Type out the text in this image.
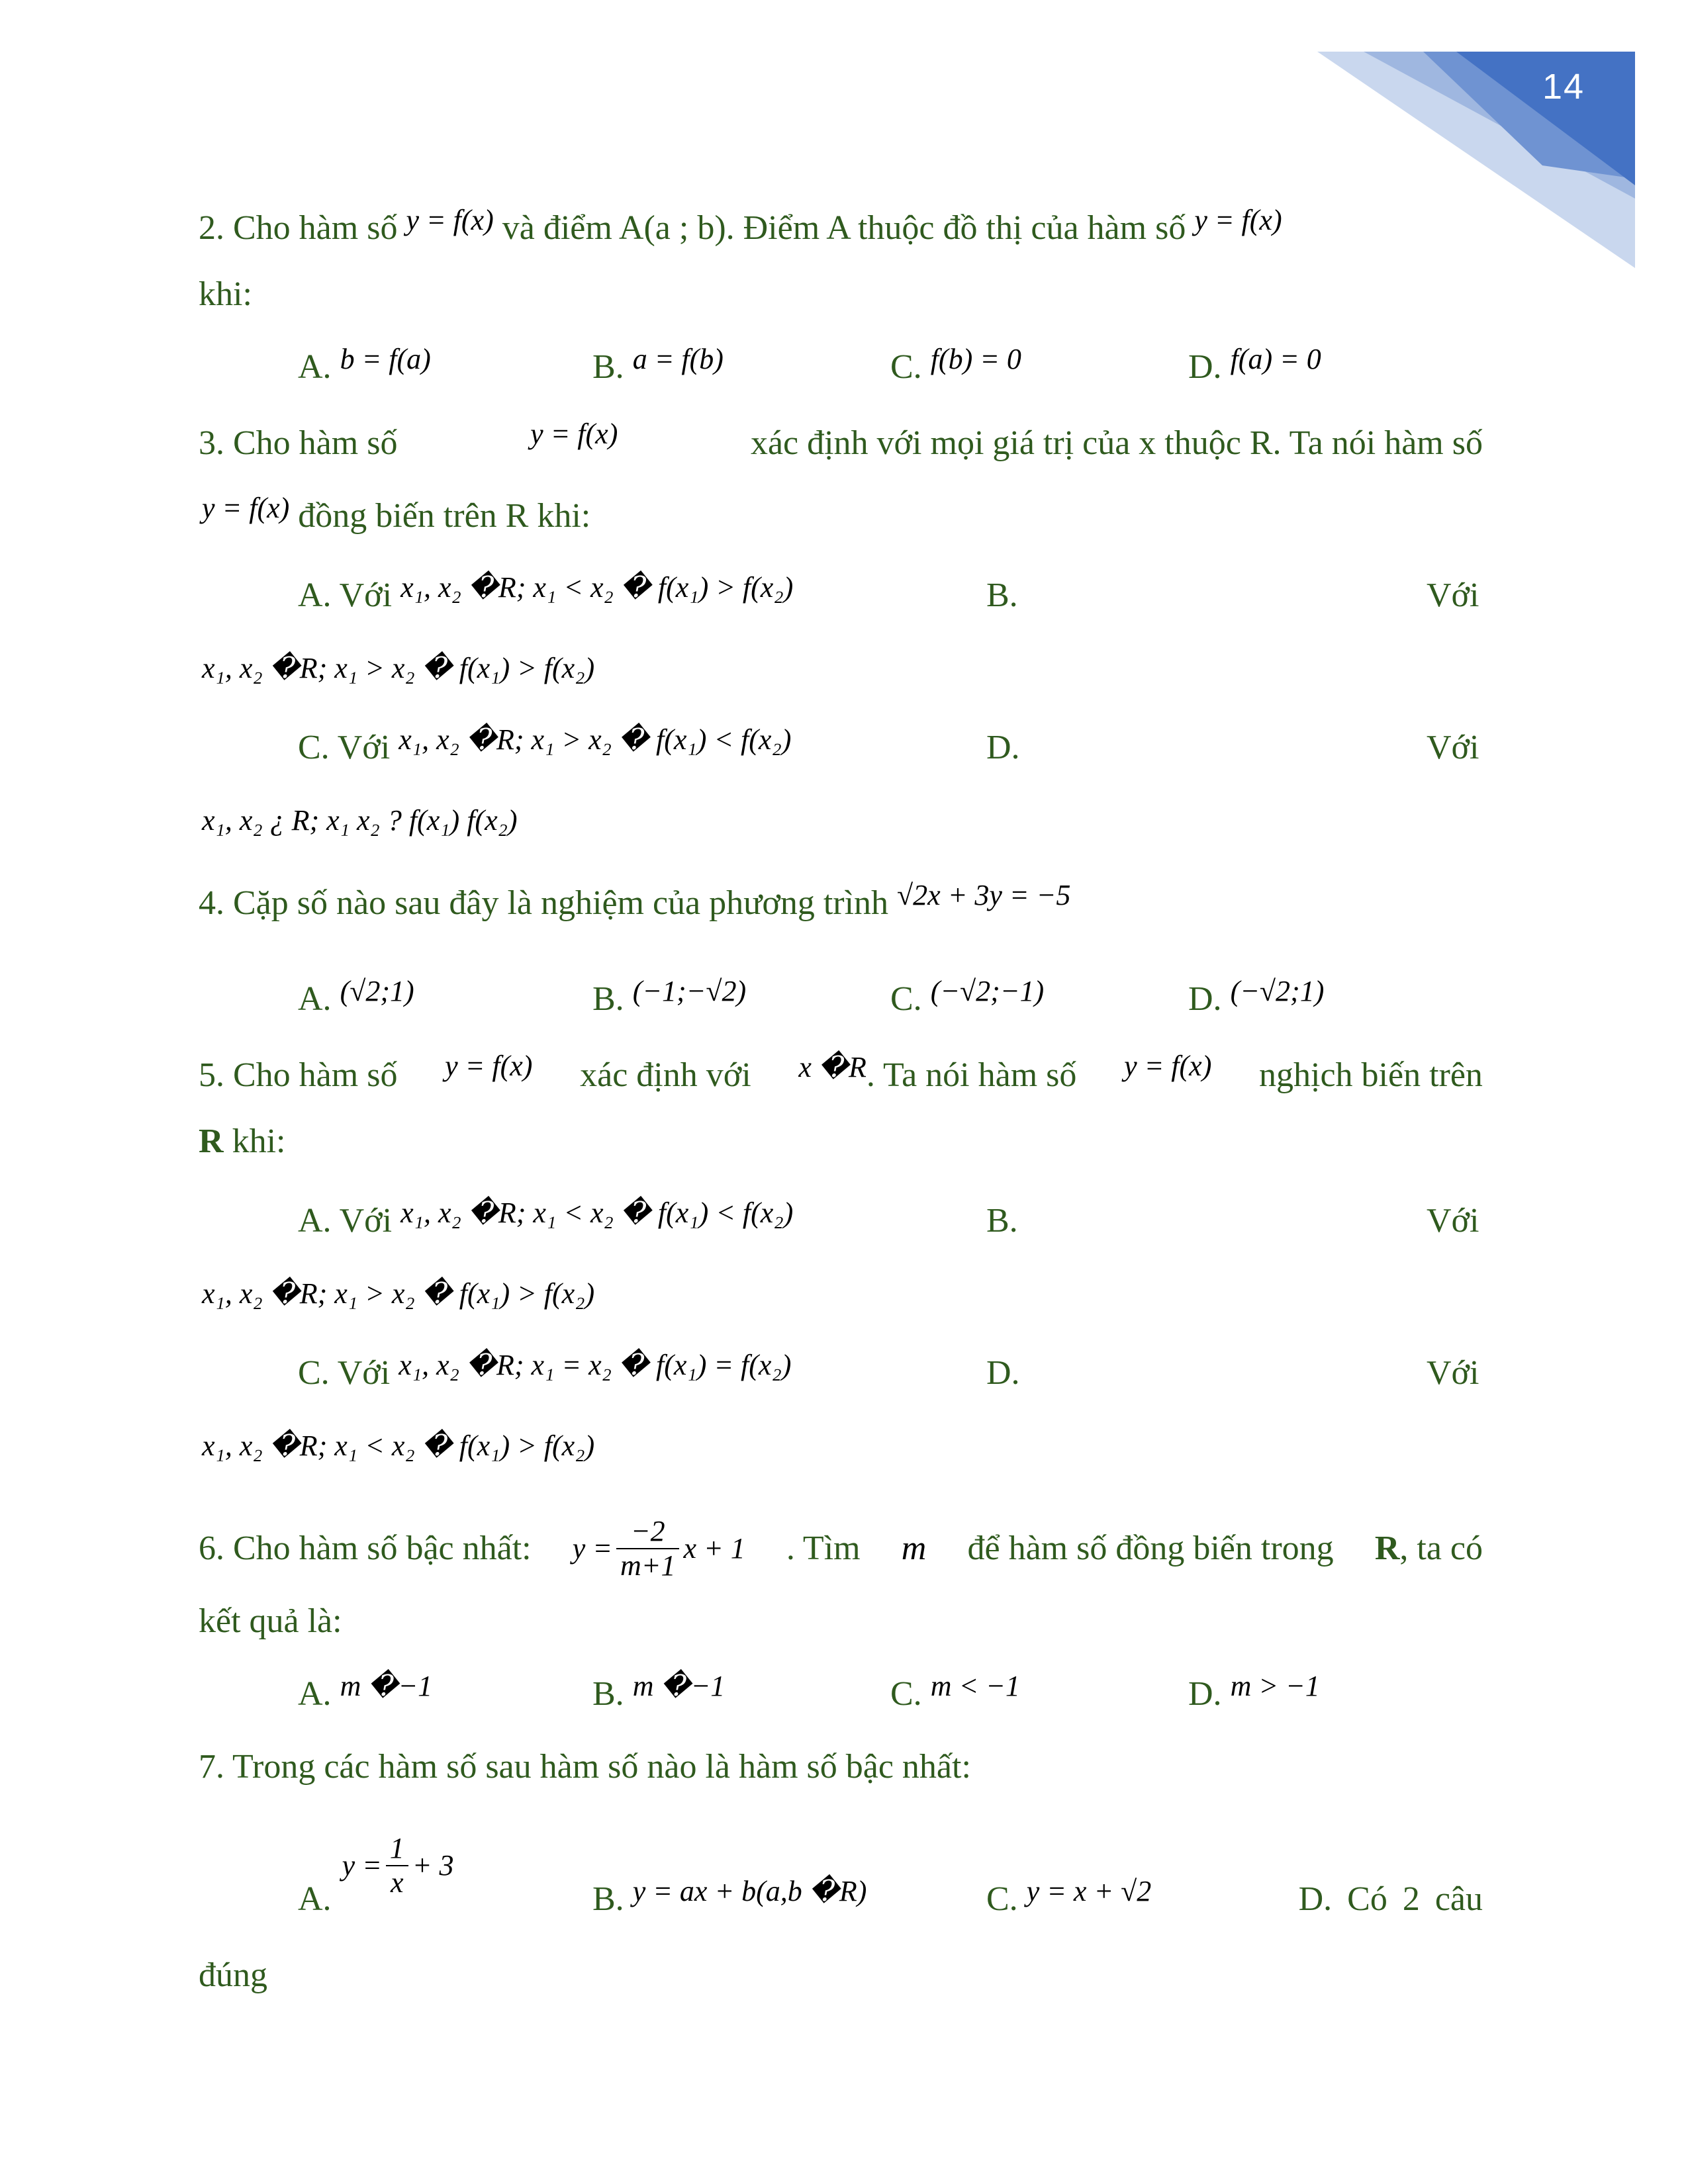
14
2. Cho hàm số $^{y = f(x)}$ và điểm A(a ; b). Điểm A thuộc đồ thị của hàm số $^{y = f(x)}$
khi:
A. $^{b = f(a)}$	B. $^{a = f(b)}$	C. $^{f(b) = 0}$	D. $^{f(a) = 0}$
3. Cho hàm số	y = f(x)	xác định với mọi giá trị của x thuộc R. Ta nói hàm số
$^{y = f(x)}$ đồng biến trên R khi:
A. Với $^{x_1, x_2 �R; x_1 < x_2 � f(x_1) > f(x_2)}$	B.	Với
x₁, x₂ �R; x₁ > x₂ � f(x₁) > f(x₂)
C. Với $^{x_1, x_2 �R; x_1 > x_2 � f(x_1) < f(x_2)}$	D.	Với
x₁, x₂ ¿ R; x₁ x₂ ? f(x₁) f(x₂)
4. Cặp số nào sau đây là nghiệm của phương trình $^{√2x + 3y = -5}$
A. $^{(√2;1)}$	B. $^{(-1;-√2)}$	C. $^{(-√2;-1)}$	D. $^{(-√2;1)}$
5. Cho hàm số y = f(x) xác định với $^{x �R}$. Ta nói hàm số y = f(x) nghịch biến trên
R khi:
A. Với $^{x_1, x_2 �R; x_1 < x_2 � f(x_1) < f(x_2)}$	B.	Với
x₁, x₂ �R; x₁ > x₂ � f(x₁) > f(x₂)
C. Với $^{x_1, x_2 �R; x_1 = x_2 � f(x_1) = f(x_2)}$	D.	Với
x₁, x₂ �R; x₁ < x₂ � f(x₁) > f(x₂)
6. Cho hàm số bậc nhất: $y = \frac{-2}{m+1}$ x + 1 . Tìm m để hàm số đồng biến trong R, ta có
kết quả là:
A. $^{m �-1}$	B. $^{m �-1}$	C. $^{m < -1}$	D. $^{m > -1}$
7. Trong các hàm số sau hàm số nào là hàm số bậc nhất:
A.
$y = \frac{1}{x} + 3$
B. $^{y = ax + b(a,b �R)}$	C. $^{y = x + √2}$	D. Có 2 câu
đúng
